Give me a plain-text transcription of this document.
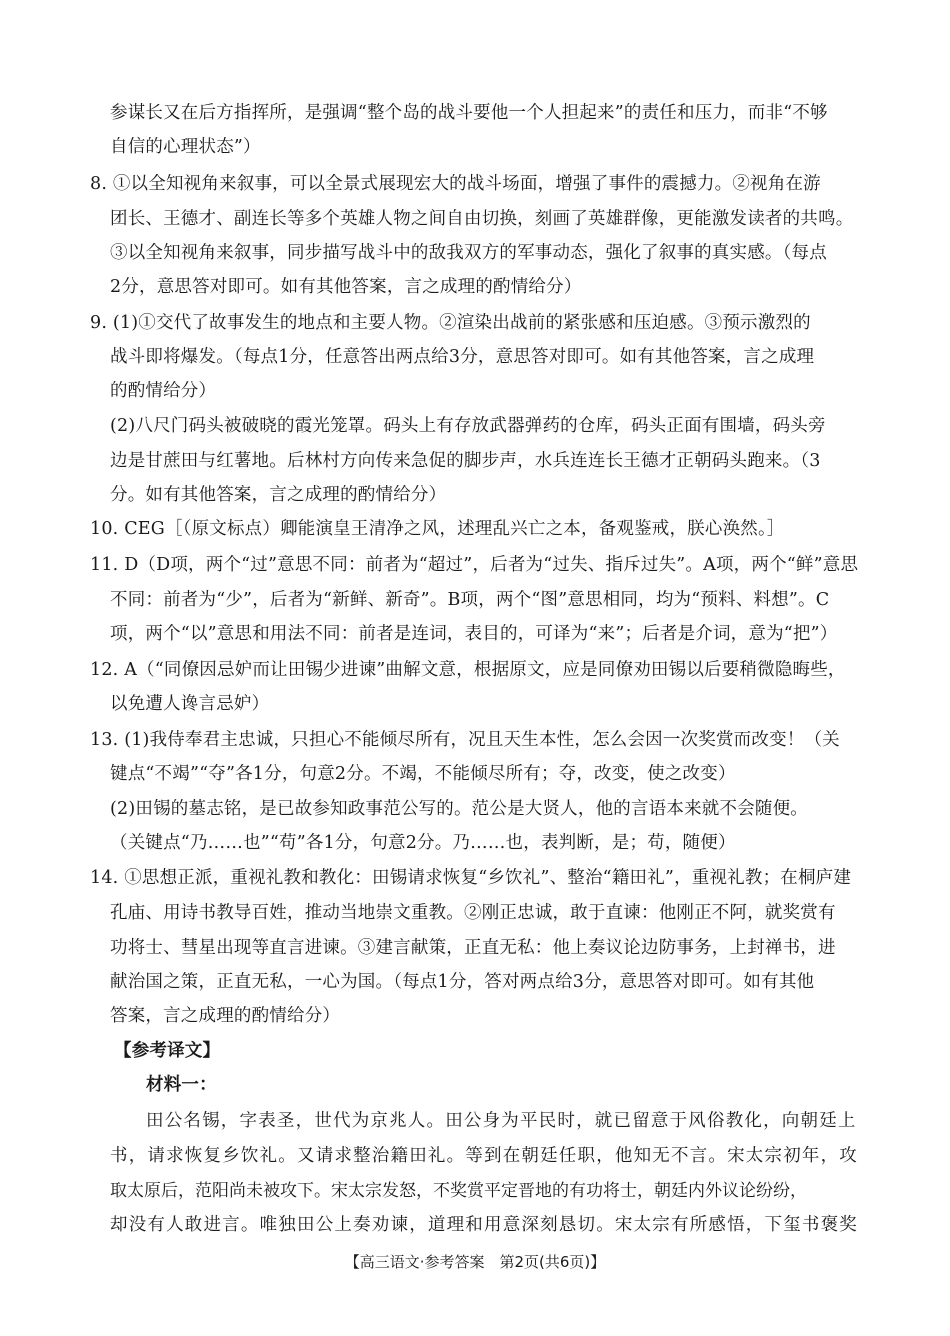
参谋长又在后方指挥所，是强调“整个岛的战斗要他一个人担起来”的责任和压力，而非“不够
自信的心理状态”）
8. ①以全知视角来叙事，可以全景式展现宏大的战斗场面，增强了事件的震撼力。②视角在游
团长、王德才、副连长等多个英雄人物之间自由切换，刻画了英雄群像，更能激发读者的共鸣。
③以全知视角来叙事，同步描写战斗中的敌我双方的军事动态，强化了叙事的真实感。（每点
2分，意思答对即可。如有其他答案，言之成理的酌情给分）
9. (1)①交代了故事发生的地点和主要人物。②渲染出战前的紧张感和压迫感。③预示激烈的
战斗即将爆发。（每点1分，任意答出两点给3分，意思答对即可。如有其他答案，言之成理
的酌情给分）
(2)八尺门码头被破晓的霞光笼罩。码头上有存放武器弹药的仓库，码头正面有围墙，码头旁
边是甘蔗田与红薯地。后林村方向传来急促的脚步声，水兵连连长王德才正朝码头跑来。（3
分。如有其他答案，言之成理的酌情给分）
10. CEG［（原文标点）卿能演皇王清净之风，述理乱兴亡之本，备观鉴戒，朕心涣然。］
11. D（D项，两个“过”意思不同：前者为“超过”，后者为“过失、指斥过失”。A项，两个“鲜”意思
不同：前者为“少”，后者为“新鲜、新奇”。B项，两个“图”意思相同，均为“预料、料想”。C
项，两个“以”意思和用法不同：前者是连词，表目的，可译为“来”；后者是介词，意为“把”）
12. A（“同僚因忌妒而让田锡少进谏”曲解文意，根据原文，应是同僚劝田锡以后要稍微隐晦些，
以免遭人谗言忌妒）
13. (1)我侍奉君主忠诚，只担心不能倾尽所有，况且天生本性，怎么会因一次奖赏而改变！（关
键点“不竭”“夺”各1分，句意2分。不竭，不能倾尽所有；夺，改变，使之改变）
(2)田锡的墓志铭，是已故参知政事范公写的。范公是大贤人，他的言语本来就不会随便。
（关键点“乃……也”“苟”各1分，句意2分。乃……也，表判断，是；苟，随便）
14. ①思想正派，重视礼教和教化：田锡请求恢复“乡饮礼”、整治“籍田礼”，重视礼教；在桐庐建
孔庙、用诗书教导百姓，推动当地崇文重教。②刚正忠诚，敢于直谏：他刚正不阿，就奖赏有
功将士、彗星出现等直言进谏。③建言献策，正直无私：他上奏议论边防事务，上封禅书，进
献治国之策，正直无私，一心为国。（每点1分，答对两点给3分，意思答对即可。如有其他
答案，言之成理的酌情给分）
【参考译文】
材料一：
田公名锡，字表圣，世代为京兆人。田公身为平民时，就已留意于风俗教化，向朝廷上
书，请求恢复乡饮礼。又请求整治籍田礼。等到在朝廷任职，他知无不言。宋太宗初年，攻
取太原后，范阳尚未被攻下。宋太宗发怒，不奖赏平定晋地的有功将士，朝廷内外议论纷纷，
却没有人敢进言。唯独田公上奏劝谏，道理和用意深刻恳切。宋太宗有所感悟，下玺书褒奖
【高三语文·参考答案　第2页(共6页)】
